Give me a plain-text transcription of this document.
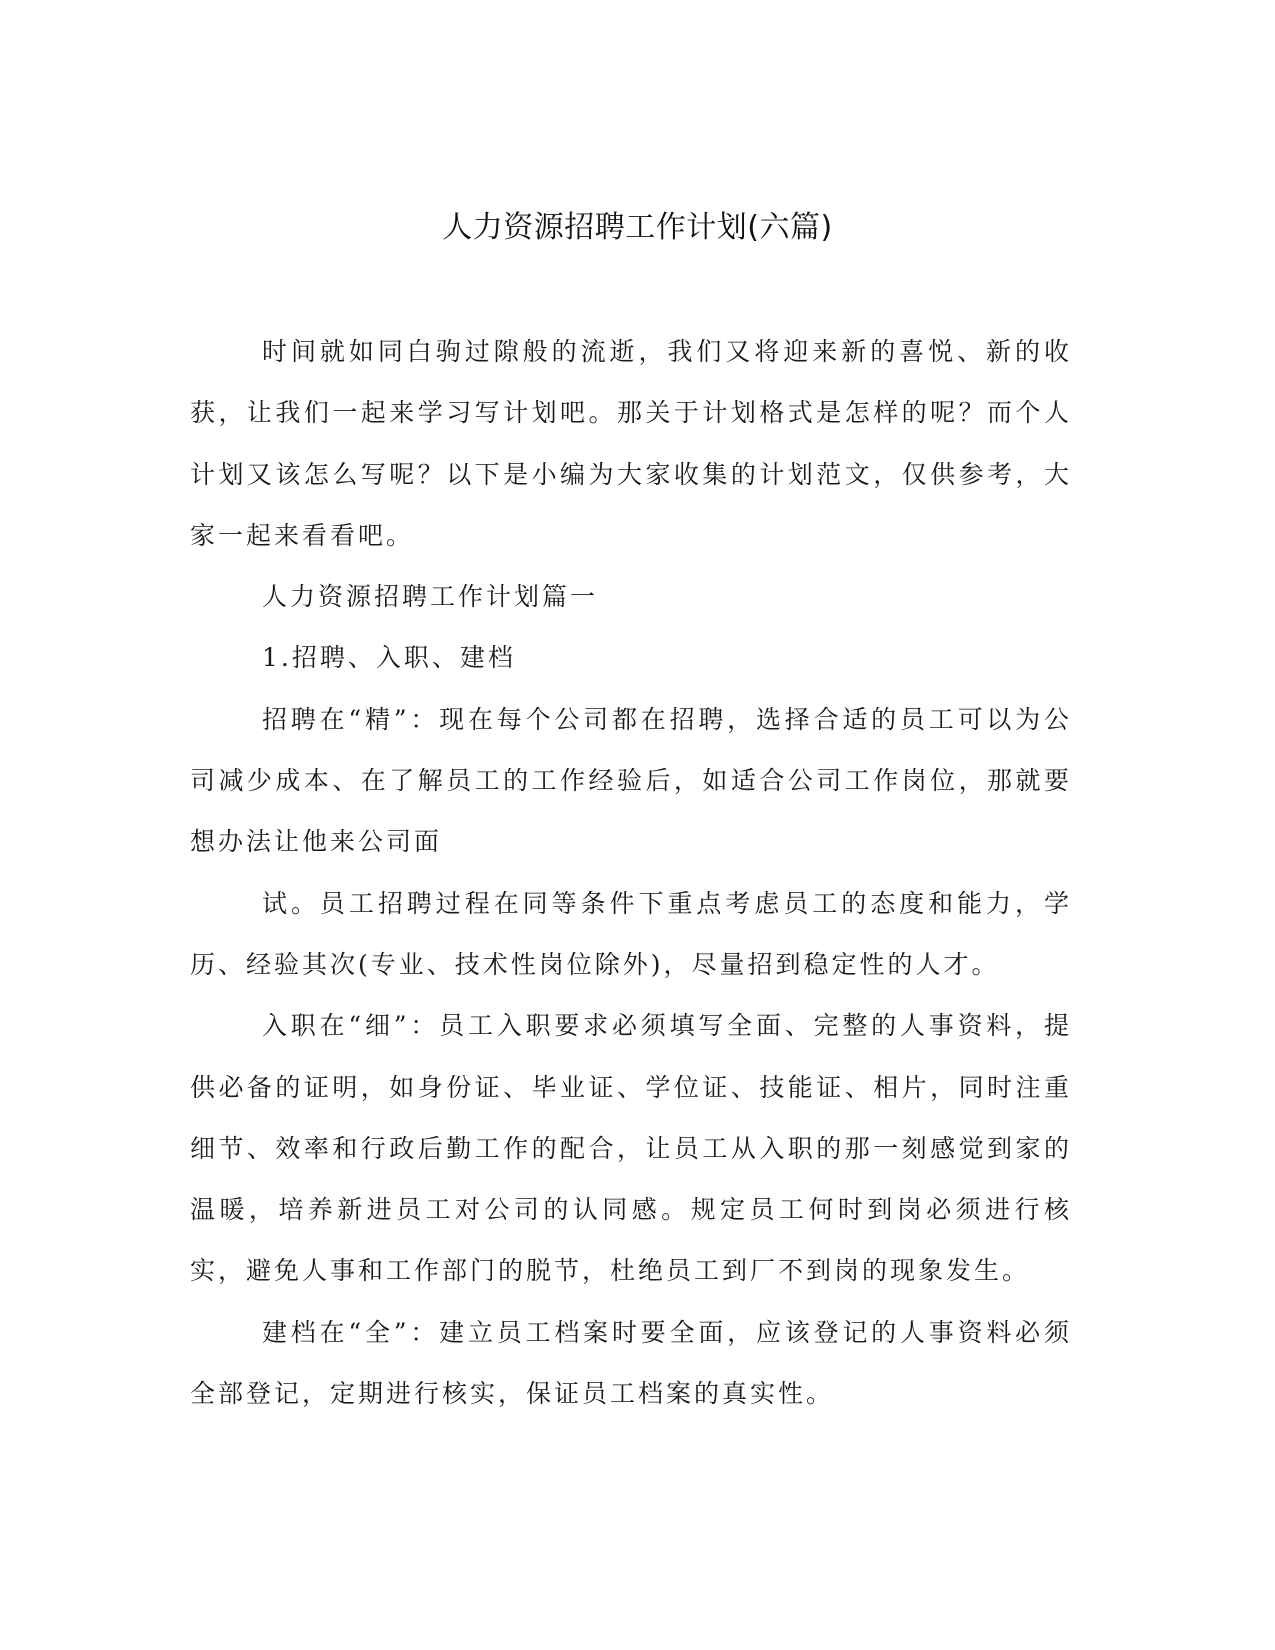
人力资源招聘工作计划(六篇)

时间就如同白驹过隙般的流逝，我们又将迎来新的喜悦、新的收获，让我们一起来学习写计划吧。那关于计划格式是怎样的呢？而个人计划又该怎么写呢？以下是小编为大家收集的计划范文，仅供参考，大家一起来看看吧。

人力资源招聘工作计划篇一

1.招聘、入职、建档

招聘在“精”：现在每个公司都在招聘，选择合适的员工可以为公司减少成本、在了解员工的工作经验后，如适合公司工作岗位，那就要想办法让他来公司面

试。员工招聘过程在同等条件下重点考虑员工的态度和能力，学历、经验其次(专业、技术性岗位除外)，尽量招到稳定性的人才。

入职在“细”：员工入职要求必须填写全面、完整的人事资料，提供必备的证明，如身份证、毕业证、学位证、技能证、相片，同时注重细节、效率和行政后勤工作的配合，让员工从入职的那一刻感觉到家的温暖，培养新进员工对公司的认同感。规定员工何时到岗必须进行核实，避免人事和工作部门的脱节，杜绝员工到厂不到岗的现象发生。

建档在“全”：建立员工档案时要全面，应该登记的人事资料必须全部登记，定期进行核实，保证员工档案的真实性。
